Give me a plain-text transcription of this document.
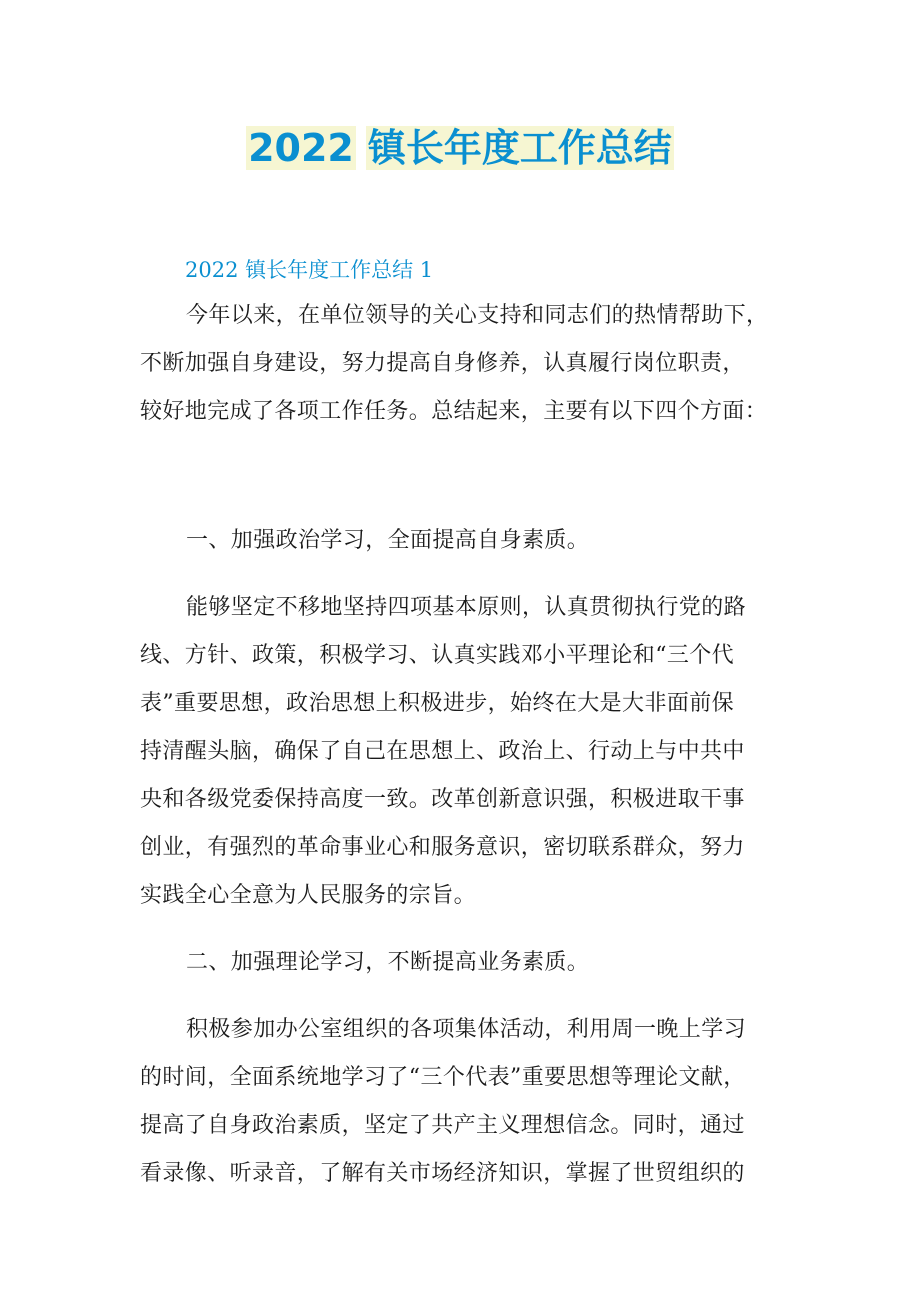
2022 镇长年度工作总结
2022 镇长年度工作总结 1
今年以来，在单位领导的关心支持和同志们的热情帮助下，
不断加强自身建设，努力提高自身修养，认真履行岗位职责，
较好地完成了各项工作任务。总结起来，主要有以下四个方面：
一、加强政治学习，全面提高自身素质。
能够坚定不移地坚持四项基本原则，认真贯彻执行党的路
线、方针、政策，积极学习、认真实践邓小平理论和“三个代
表”重要思想，政治思想上积极进步，始终在大是大非面前保
持清醒头脑，确保了自己在思想上、政治上、行动上与中共中
央和各级党委保持高度一致。改革创新意识强，积极进取干事
创业，有强烈的革命事业心和服务意识，密切联系群众，努力
实践全心全意为人民服务的宗旨。
二、加强理论学习，不断提高业务素质。
积极参加办公室组织的各项集体活动，利用周一晚上学习
的时间，全面系统地学习了“三个代表”重要思想等理论文献，
提高了自身政治素质，坚定了共产主义理想信念。同时，通过
看录像、听录音，了解有关市场经济知识，掌握了世贸组织的
